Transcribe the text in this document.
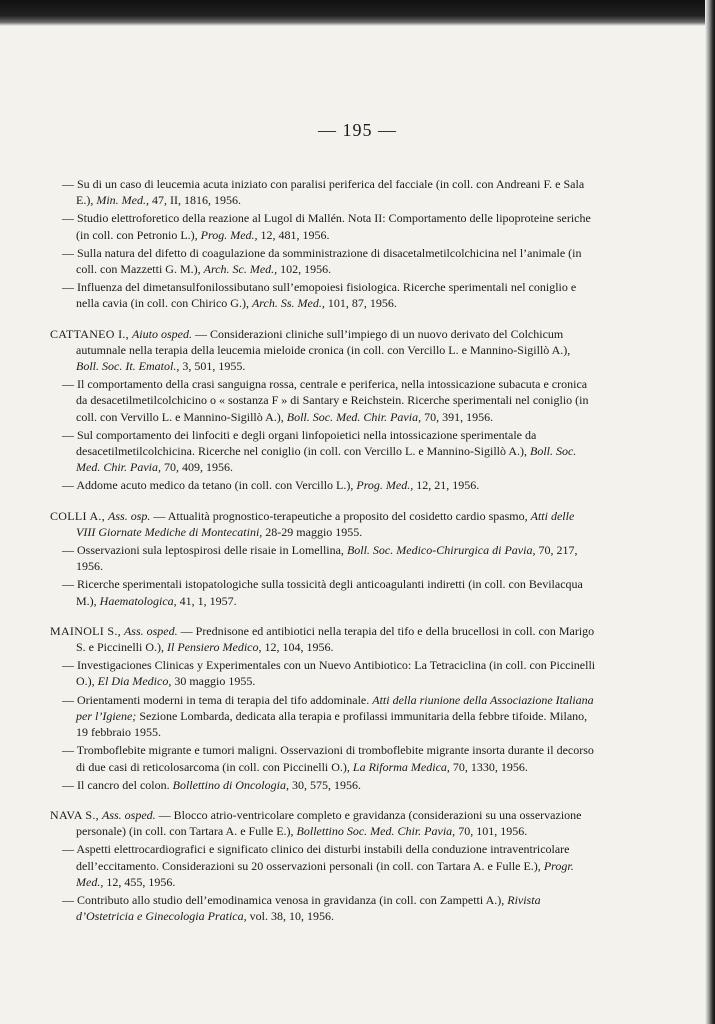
— 195 —
— Su di un caso di leucemia acuta iniziato con paralisi periferica del facciale (in coll. con Andreani F. e Sala E.), Min. Med., 47, II, 1816, 1956.
— Studio elettroforetico della reazione al Lugol di Mallén. Nota II: Comportamento delle lipoproteine seriche (in coll. con Petronio L.), Prog. Med., 12, 481, 1956.
— Sulla natura del difetto di coagulazione da somministrazione di disacetalmetilcolchicina nel l’animale (in coll. con Mazzetti G. M.), Arch. Sc. Med., 102, 1956.
— Influenza del dimetansulfonilossibutano sull’emopoiesi fisiologica. Ricerche sperimentali nel coniglio e nella cavia (in coll. con Chirico G.), Arch. Ss. Med., 101, 87, 1956.
CATTANEO I., Aiuto osped. — Considerazioni cliniche sull’impiego di un nuovo derivato del Colchicum autumnale nella terapia della leucemia mieloide cronica (in coll. con Vercillo L. e Mannino-Sigillò A.), Boll. Soc. It. Ematol., 3, 501, 1955.
— Il comportamento della crasi sanguigna rossa, centrale e periferica, nella intossicazione subacuta e cronica da desacetilmetilcolchicino o « sostanza F » di Santary e Reichstein. Ricerche sperimentali nel coniglio (in coll. con Vervillo L. e Mannino-Sigillò A.), Boll. Soc. Med. Chir. Pavia, 70, 391, 1956.
— Sul comportamento dei linfociti e degli organi linfopoietici nella intossicazione sperimentale da desacetilmetilcolchicina. Ricerche nel coniglio (in coll. con Vercillo L. e Mannino-Sigillò A.), Boll. Soc. Med. Chir. Pavia, 70, 409, 1956.
— Addome acuto medico da tetano (in coll. con Vercillo L.), Prog. Med., 12, 21, 1956.
COLLI A., Ass. osp. — Attualità prognostico-terapeutiche a proposito del cosidetto cardio spasmo, Atti delle VIII Giornate Mediche di Montecatini, 28-29 maggio 1955.
— Osservazioni sula leptospirosi delle risaie in Lomellina, Boll. Soc. Medico-Chirurgica di Pavia, 70, 217, 1956.
— Ricerche sperimentali istopatologiche sulla tossicità degli anticoagulanti indiretti (in coll. con Bevilacqua M.), Haematologica, 41, 1, 1957.
MAINOLI S., Ass. osped. — Prednisone ed antibiotici nella terapia del tifo e della brucellosi in coll. con Marigo S. e Piccinelli O.), Il Pensiero Medico, 12, 104, 1956.
— Investigaciones Clinicas y Experimentales con un Nuevo Antibiotico: La Tetraciclina (in coll. con Piccinelli O.), El Dia Medico, 30 maggio 1955.
— Orientamenti moderni in tema di terapia del tifo addominale. Atti della riunione della Associazione Italiana per l’Igiene; Sezione Lombarda, dedicata alla terapia e profilassi immunitaria della febbre tifoide. Milano, 19 febbraio 1955.
— Tromboflebite migrante e tumori maligni. Osservazioni di tromboflebite migrante insorta durante il decorso di due casi di reticolosarcoma (in coll. con Piccinelli O.), La Riforma Medica, 70, 1330, 1956.
— Il cancro del colon. Bollettino di Oncologia, 30, 575, 1956.
NAVA S., Ass. osped. — Blocco atrio-ventricolare completo e gravidanza (considerazioni su una osservazione personale) (in coll. con Tartara A. e Fulle E.), Bollettino Soc. Med. Chir. Pavia, 70, 101, 1956.
— Aspetti elettrocardiografici e significato clinico dei disturbi instabili della conduzione intraventricolare dell’eccitamento. Considerazioni su 20 osservazioni personali (in coll. con Tartara A. e Fulle E.), Progr. Med., 12, 455, 1956.
— Contributo allo studio dell’emodinamica venosa in gravidanza (in coll. con Zampetti A.), Rivista d’Ostetricia e Ginecologia Pratica, vol. 38, 10, 1956.
